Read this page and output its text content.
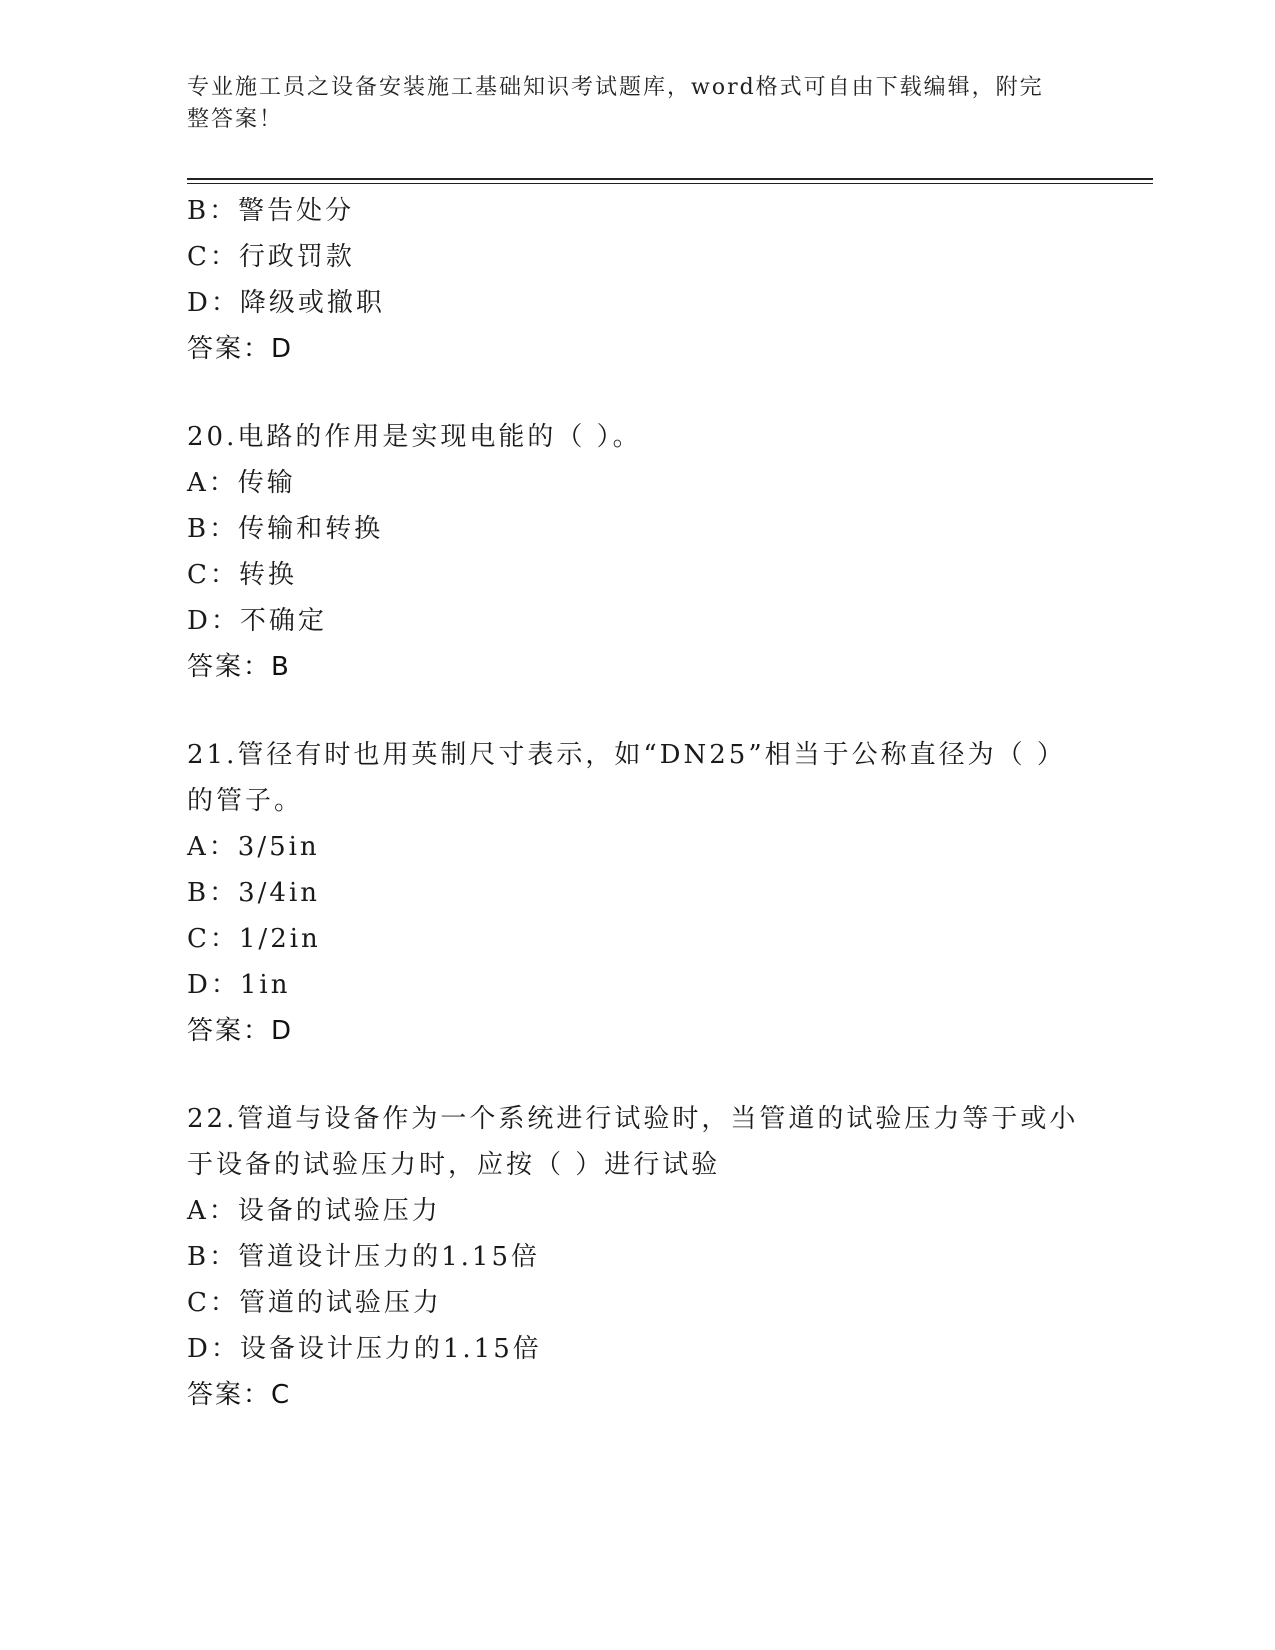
专业施工员之设备安装施工基础知识考试题库，word格式可自由下载编辑，附完整答案！
B：警告处分
C：行政罚款
D：降级或撤职
答案：D
20.电路的作用是实现电能的（ ）。
A：传输
B：传输和转换
C：转换
D：不确定
答案：B
21.管径有时也用英制尺寸表示，如“DN25”相当于公称直径为（ ）的管子。
A：3/5in
B：3/4in
C：1/2in
D：1in
答案：D
22.管道与设备作为一个系统进行试验时，当管道的试验压力等于或小于设备的试验压力时，应按（ ）进行试验
A：设备的试验压力
B：管道设计压力的1.15倍
C：管道的试验压力
D：设备设计压力的1.15倍
答案：C
